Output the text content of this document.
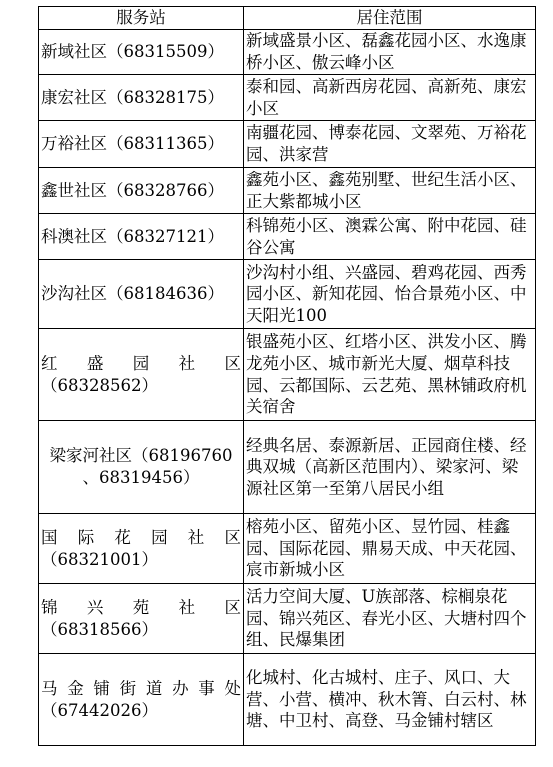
服务站	居住范围
新域社区（68315509）	新域盛景小区、磊鑫花园小区、水逸康桥小区、傲云峰小区
康宏社区（68328175）	泰和园、高新西房花园、高新苑、康宏小区
万裕社区（68311365）	南疆花园、博泰花园、文翠苑、万裕花园、洪家营
鑫世社区（68328766）	鑫苑小区、鑫苑别墅、世纪生活小区、正大紫都城小区
科澳社区（68327121）	科锦苑小区、澳霖公寓、附中花园、硅谷公寓
沙沟社区（68184636）	沙沟村小组、兴盛园、碧鸡花园、西秀园小区、新知花园、怡合景苑小区、中天阳光100

红盛园社区
（68328562）	银盛苑小区、红塔小区、洪发小区、腾龙苑小区、城市新光大厦、烟草科技园、云都国际、云艺苑、黑林铺政府机关宿舍

梁家河社区（68196760
、68319456）	经典名居、泰源新居、正园商住楼、经典双城（高新区范围内）、梁家河、梁源社区第一至第八居民小组

国际花园社区
（68321001）	榕苑小区、留苑小区、昱竹园、桂鑫园、国际花园、鼎易天成、中天花园、宸市新城小区

锦兴苑社区
（68318566）	活力空间大厦、U族部落、棕榈泉花园、锦兴苑区、春光小区、大塘村四个组、民爆集团

马金铺街道办事处
（67442026）	化城村、化古城村、庄子、风口、大营、小营、横冲、秋木箐、白云村、林塘、中卫村、高登、马金铺村辖区
